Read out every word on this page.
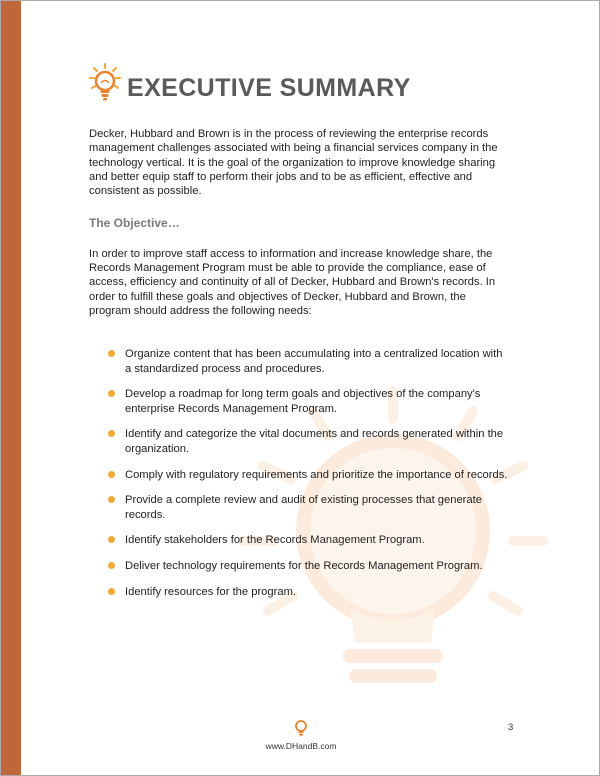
EXECUTIVE SUMMARY

Decker, Hubbard and Brown is in the process of reviewing the enterprise records management challenges associated with being a financial services company in the technology vertical. It is the goal of the organization to improve knowledge sharing and better equip staff to perform their jobs and to be as efficient, effective and consistent as possible.

The Objective…

In order to improve staff access to information and increase knowledge share, the Records Management Program must be able to provide the compliance, ease of access, efficiency and continuity of all of Decker, Hubbard and Brown's records. In order to fulfill these goals and objectives of Decker, Hubbard and Brown, the program should address the following needs:

Organize content that has been accumulating into a centralized location with a standardized process and procedures.
Develop a roadmap for long term goals and objectives of the company's enterprise Records Management Program.
Identify and categorize the vital documents and records generated within the organization.
Comply with regulatory requirements and prioritize the importance of records.
Provide a complete review and audit of existing processes that generate records.
Identify stakeholders for the Records Management Program.
Deliver technology requirements for the Records Management Program.
Identify resources for the program.
www.DHandB.com
3
